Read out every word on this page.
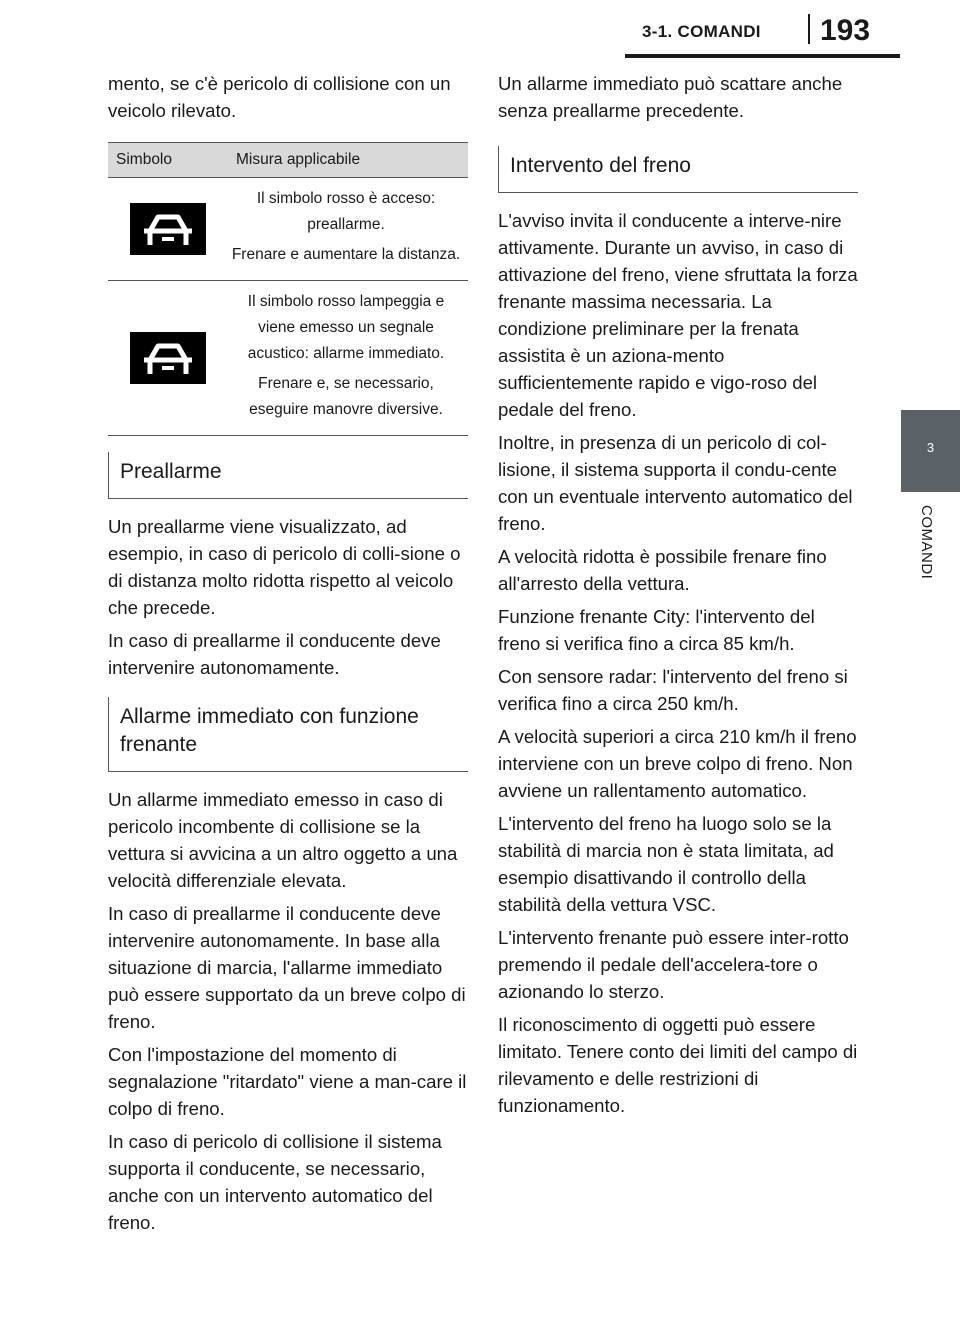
3-1. COMANDI 193
3
COMANDI

mento, se c'è pericolo di collisione con un veicolo rilevato.

Simbolo	Misura applicabile

Il simbolo rosso è acceso: preallarme.

Frenare e aumentare la distanza.

Il simbolo rosso lampeggia e viene emesso un segnale acustico: allarme immediato.

Frenare e, se necessario, eseguire manovre diversive.

Preallarme

Un preallarme viene visualizzato, ad esempio, in caso di pericolo di colli-sione o di distanza molto ridotta rispetto al veicolo che precede.

In caso di preallarme il conducente deve intervenire autonomamente.

Allarme immediato con funzione frenante

Un allarme immediato emesso in caso di pericolo incombente di collisione se la vettura si avvicina a un altro oggetto a una velocità differenziale elevata.

In caso di preallarme il conducente deve intervenire autonomamente. In base alla situazione di marcia, l'allarme immediato può essere supportato da un breve colpo di freno.

Con l'impostazione del momento di segnalazione "ritardato" viene a man-care il colpo di freno.

In caso di pericolo di collisione il sistema supporta il conducente, se necessario, anche con un intervento automatico del freno.

Un allarme immediato può scattare anche senza preallarme precedente.

Intervento del freno

L'avviso invita il conducente a interve-nire attivamente. Durante un avviso, in caso di attivazione del freno, viene sfruttata la forza frenante massima necessaria. La condizione preliminare per la frenata assistita è un aziona-mento sufficientemente rapido e vigo-roso del pedale del freno.

Inoltre, in presenza di un pericolo di col-lisione, il sistema supporta il condu-cente con un eventuale intervento automatico del freno.

A velocità ridotta è possibile frenare fino all'arresto della vettura.

Funzione frenante City: l'intervento del freno si verifica fino a circa 85 km/h.

Con sensore radar: l'intervento del freno si verifica fino a circa 250 km/h.

A velocità superiori a circa 210 km/h il freno interviene con un breve colpo di freno. Non avviene un rallentamento automatico.

L'intervento del freno ha luogo solo se la stabilità di marcia non è stata limitata, ad esempio disattivando il controllo della stabilità della vettura VSC.

L'intervento frenante può essere inter-rotto premendo il pedale dell'accelera-tore o azionando lo sterzo.

Il riconoscimento di oggetti può essere limitato. Tenere conto dei limiti del campo di rilevamento e delle restrizioni di funzionamento.
